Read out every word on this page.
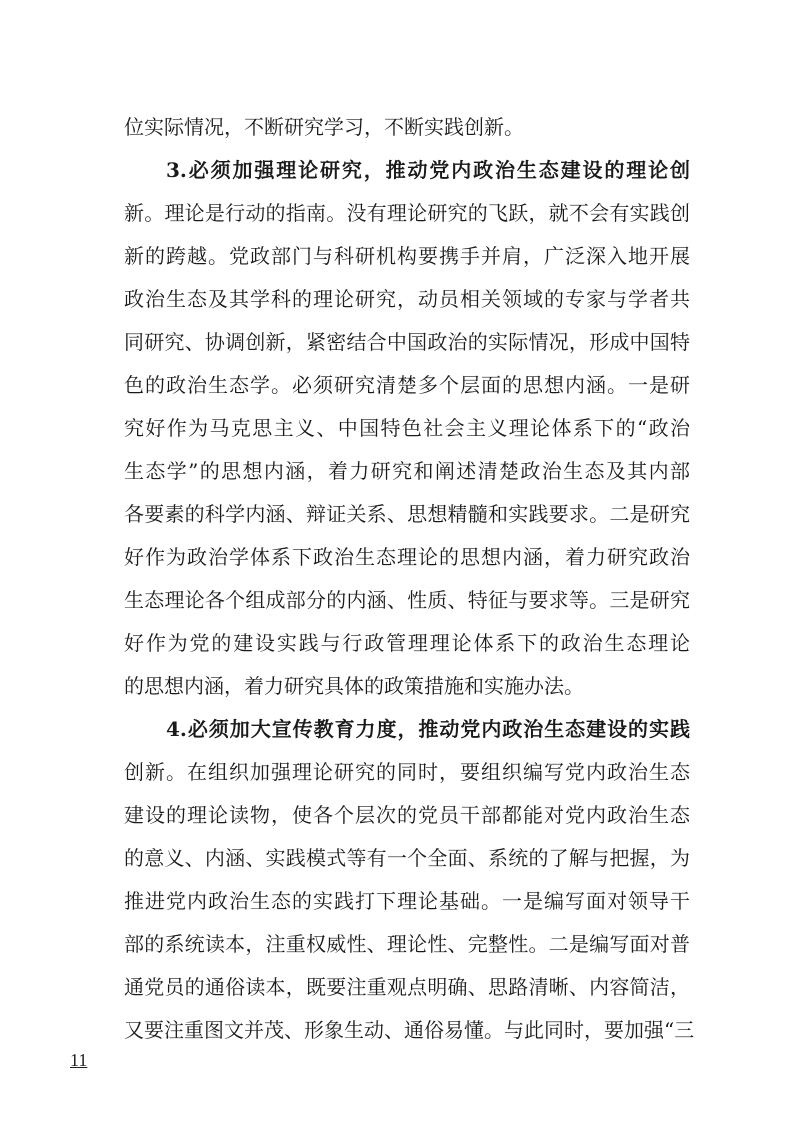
位实际情况，不断研究学习，不断实践创新。
3.必须加强理论研究，推动党内政治生态建设的理论创
新。理论是行动的指南。没有理论研究的飞跃，就不会有实践创
新的跨越。党政部门与科研机构要携手并肩，广泛深入地开展
政治生态及其学科的理论研究，动员相关领域的专家与学者共
同研究、协调创新，紧密结合中国政治的实际情况，形成中国特
色的政治生态学。必须研究清楚多个层面的思想内涵。一是研
究好作为马克思主义、中国特色社会主义理论体系下的“政治
生态学”的思想内涵，着力研究和阐述清楚政治生态及其内部
各要素的科学内涵、辩证关系、思想精髓和实践要求。二是研究
好作为政治学体系下政治生态理论的思想内涵，着力研究政治
生态理论各个组成部分的内涵、性质、特征与要求等。三是研究
好作为党的建设实践与行政管理理论体系下的政治生态理论
的思想内涵，着力研究具体的政策措施和实施办法。
4.必须加大宣传教育力度，推动党内政治生态建设的实践
创新。在组织加强理论研究的同时，要组织编写党内政治生态
建设的理论读物，使各个层次的党员干部都能对党内政治生态
的意义、内涵、实践模式等有一个全面、系统的了解与把握，为
推进党内政治生态的实践打下理论基础。一是编写面对领导干
部的系统读本，注重权威性、理论性、完整性。二是编写面对普
通党员的通俗读本，既要注重观点明确、思路清晰、内容简洁，
又要注重图文并茂、形象生动、通俗易懂。与此同时，要加强“三
11
